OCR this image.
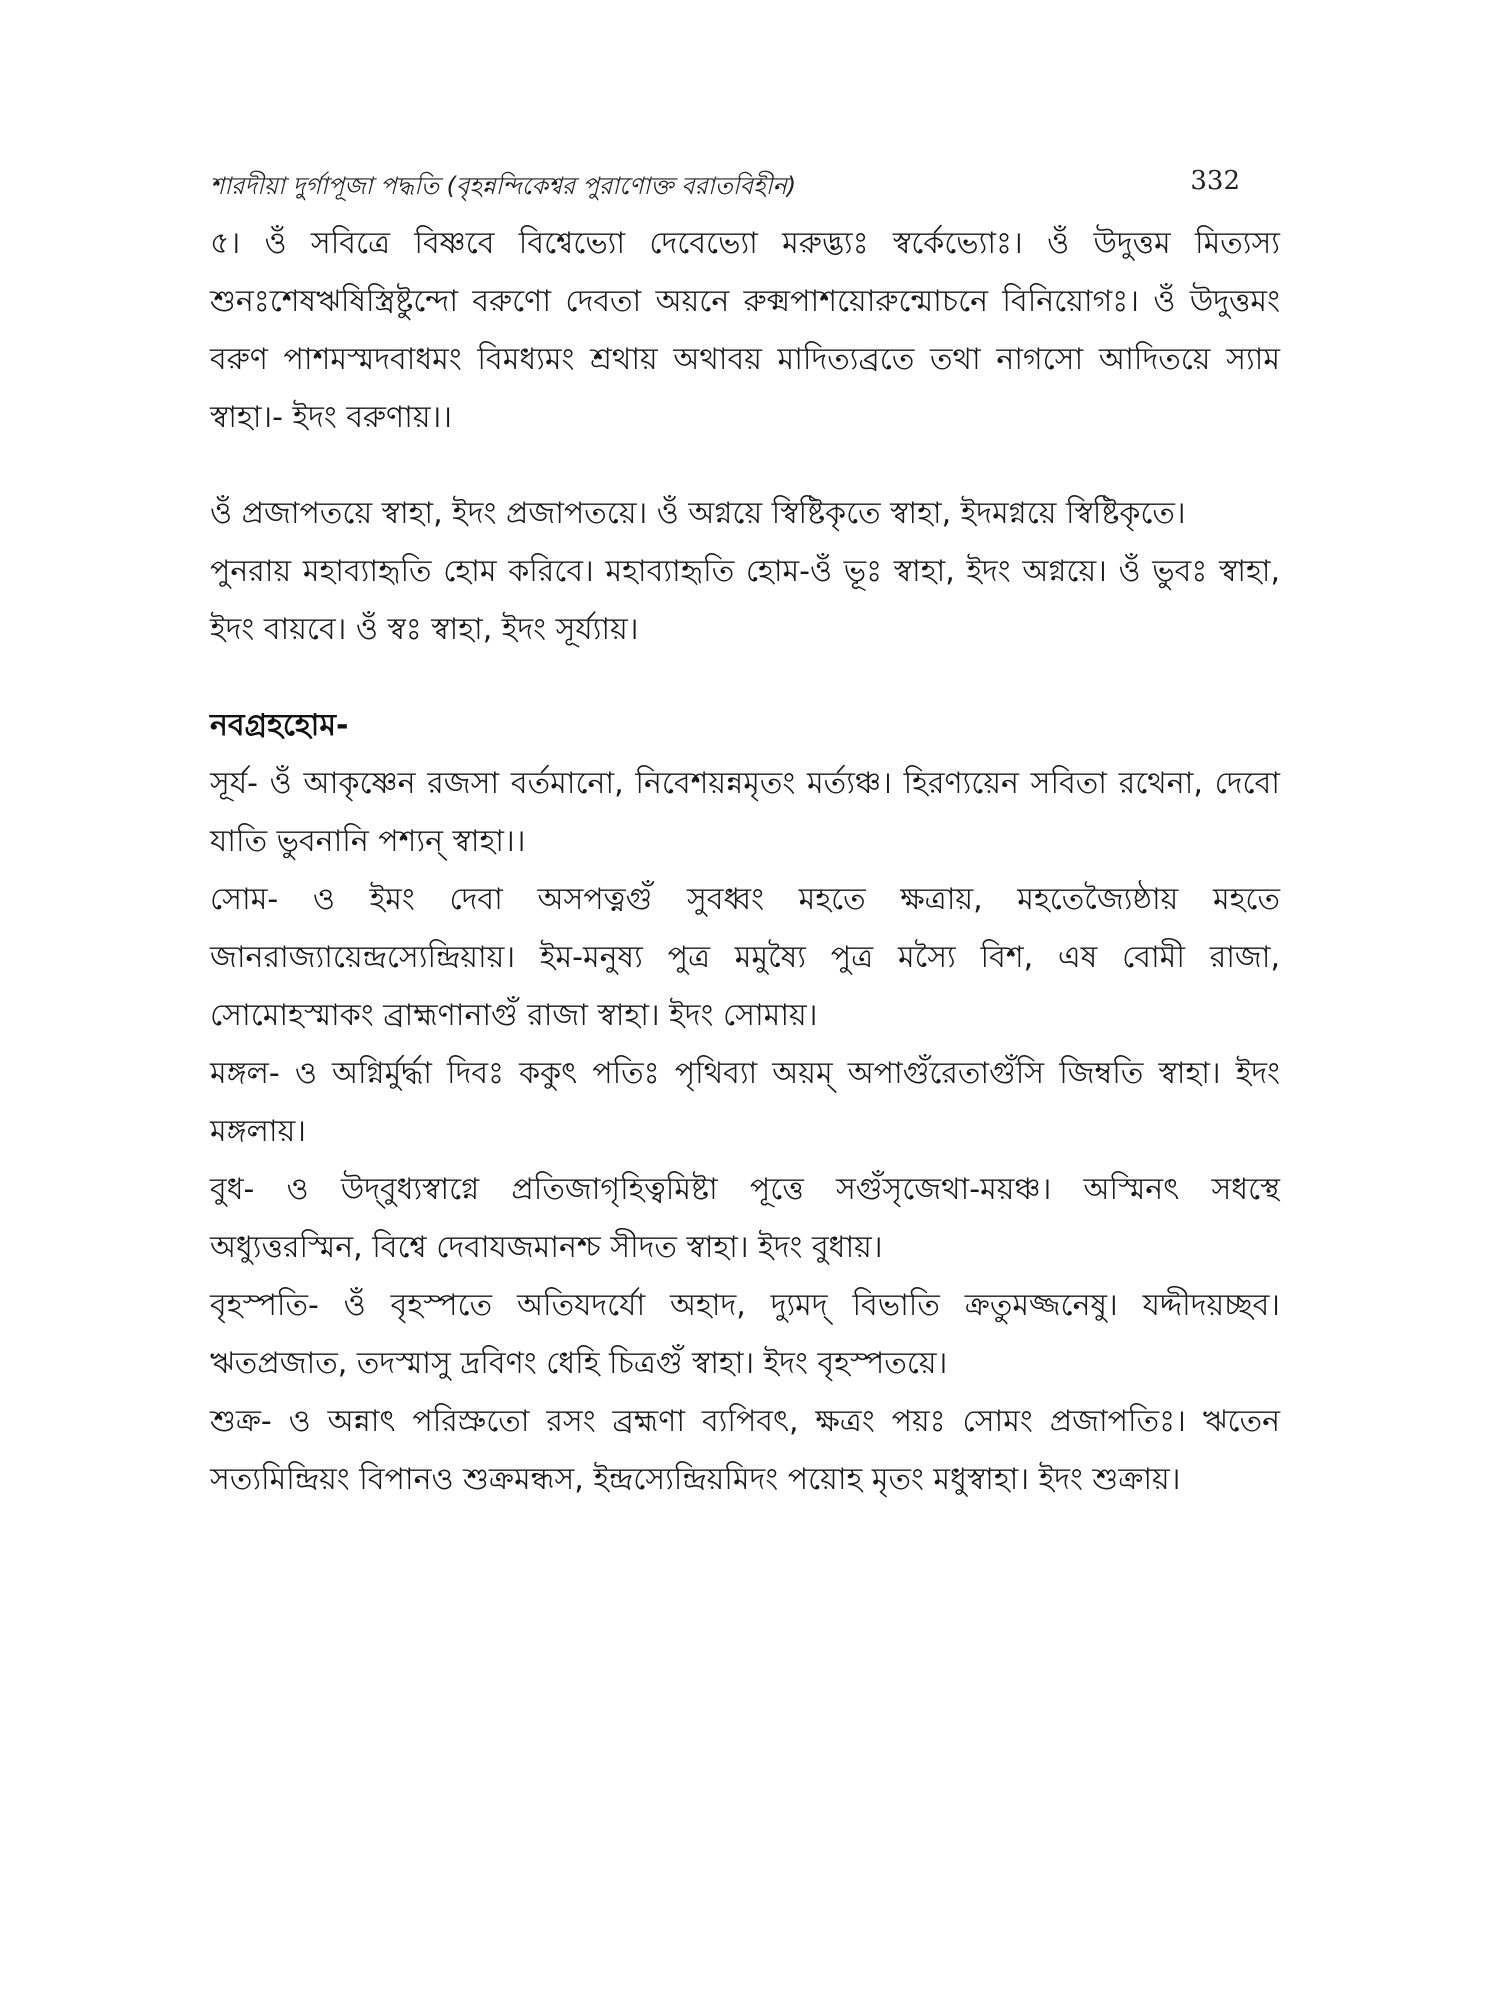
শারদীয়া দুর্গাপূজা পদ্ধতি (বৃহন্নন্দিকেশ্বর পুরাণোক্ত বরাতবিহীন)	332

৫। ওঁ সবিত্রে বিষ্ণবে বিশ্বেভ্যো দেবেভ্যো মরুদ্ভ্যঃ স্বর্কেভ্যোঃ। ওঁ উদুত্তম মিত্যস্য শুনঃশেষঋষিস্ত্রিষ্টুন্দো বরুণো দেবতা অয়নে রুক্মপাশয়োরুন্মোচনে বিনিয়োগঃ। ওঁ উদুত্তমং বরুণ পাশমস্মদবাধমং বিমধ্যমং শ্রথায় অথাবয় মাদিত্যব্রতে তথা নাগসো আদিতয়ে স্যাম স্বাহা।- ইদং বরুণায়।।

ওঁ প্রজাপতয়ে স্বাহা, ইদং প্রজাপতয়ে। ওঁ অগ্নয়ে স্বিষ্টিকৃতে স্বাহা, ইদমগ্নয়ে স্বিষ্টিকৃতে।

পুনরায় মহাব্যাহৃতি হোম করিবে। মহাব্যাহৃতি হোম-ওঁ ভূঃ স্বাহা, ইদং অগ্নয়ে। ওঁ ভুবঃ স্বাহা, ইদং বায়বে। ওঁ স্বঃ স্বাহা, ইদং সূর্য্যায়।

নবগ্রহহোম-

সূর্য- ওঁ আকৃষ্ণেন রজসা বর্তমানো, নিবেশয়ন্নমৃতং মর্ত্যঞ্চ। হিরণ্যয়েন সবিতা রথেনা, দেবো যাতি ভুবনানি পশ্যন্ স্বাহা।।

সোম- ও ইমং দেবা অসপত্নগুঁ সুবধ্বং মহতে ক্ষত্রায়, মহতেজ্যৈষ্ঠায় মহতে জানরাজ্যায়েন্দ্রস্যেন্দ্রিয়ায়। ইম-মনুষ্য পুত্র মমুষ্যৈ পুত্র মস্যৈ বিশ, এষ বোমী রাজা, সোমোহস্মাকং ব্রাহ্মণানাগুঁ রাজা স্বাহা। ইদং সোমায়।

মঙ্গল- ও অগ্নির্মুর্দ্ধা দিবঃ ককুৎ পতিঃ পৃথিব্যা অয়ম্ অপাগুঁরেতাগুঁসি জিম্বতি স্বাহা। ইদং মঙ্গলায়।

বুধ- ও উদ্‌বুধ্যস্বাগ্নে প্রতিজাগৃহিত্বমিষ্টা পূত্তে সগুঁসৃজেথা-ময়ঞ্চ। অস্মিনৎ সধস্থে অধ্যুত্তরস্মিন, বিশ্বে দেবাযজমানশ্চ সীদত স্বাহা। ইদং বুধায়।

বৃহস্পতি- ওঁ বৃহস্পতে অতিযদর্যো অহাদ, দ্যুমদ্ বিভাতি ক্রতুমজ্জনেষু। যদ্দীদয়চ্ছব। ঋতপ্রজাত, তদস্মাসু দ্রবিণং ধেহি চিত্রগুঁ স্বাহা। ইদং বৃহস্পতয়ে।

শুক্র- ও অন্নাৎ পরিস্রুতো রসং ব্রহ্মণা ব্যপিবৎ, ক্ষত্রং পয়ঃ সোমং প্রজাপতিঃ। ঋতেন সত্যমিন্দ্রিয়ং বিপানও শুক্রমন্ধস, ইন্দ্রস্যেন্দ্রিয়মিদং পয়োহ মৃতং মধুস্বাহা। ইদং শুক্রায়।
